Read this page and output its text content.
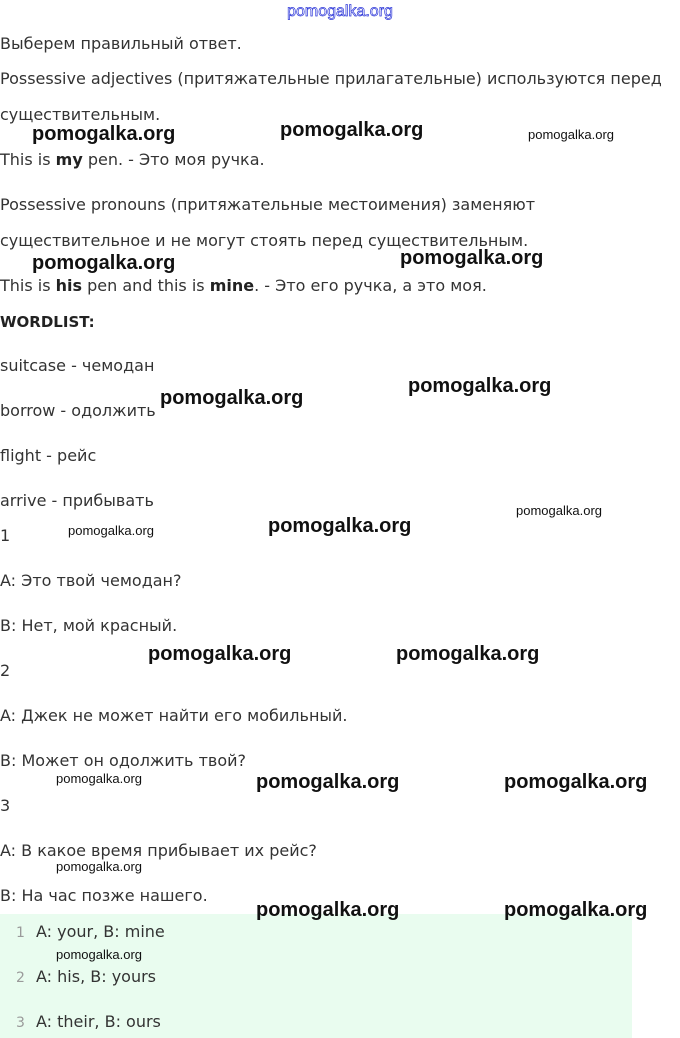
pomogalka.org
Выберем правильный ответ.
Possessive adjectives (притяжательные прилагательные) используются перед
существительным.
This is my pen. - Это моя ручка.
Possessive pronouns (притяжательные местоимения) заменяют
существительное и не могут стоять перед существительным.
This is his pen and this is mine. - Это его ручка, а это моя.
WORDLIST:
suitcase - чемодан
borrow - одолжить
flight - рейс
arrive - прибывать
1
A: Это твой чемодан?
B: Нет, мой красный.
2
A: Джек не может найти его мобильный.
B: Может он одолжить твой?
3
A: В какое время прибывает их рейс?
B: На час позже нашего.
1 A: your, B: mine
2 A: his, B: yours
3 A: their, B: ours
pomogalka.org	pomogalka.org	pomogalka.org
pomogalka.org	pomogalka.org
pomogalka.org
pomogalka.org
pomogalka.org
pomogalka.org	pomogalka.org
pomogalka.org	pomogalka.org
pomogalka.org	pomogalka.org	pomogalka.org
pomogalka.org
pomogalka.org	pomogalka.org
pomogalka.org
